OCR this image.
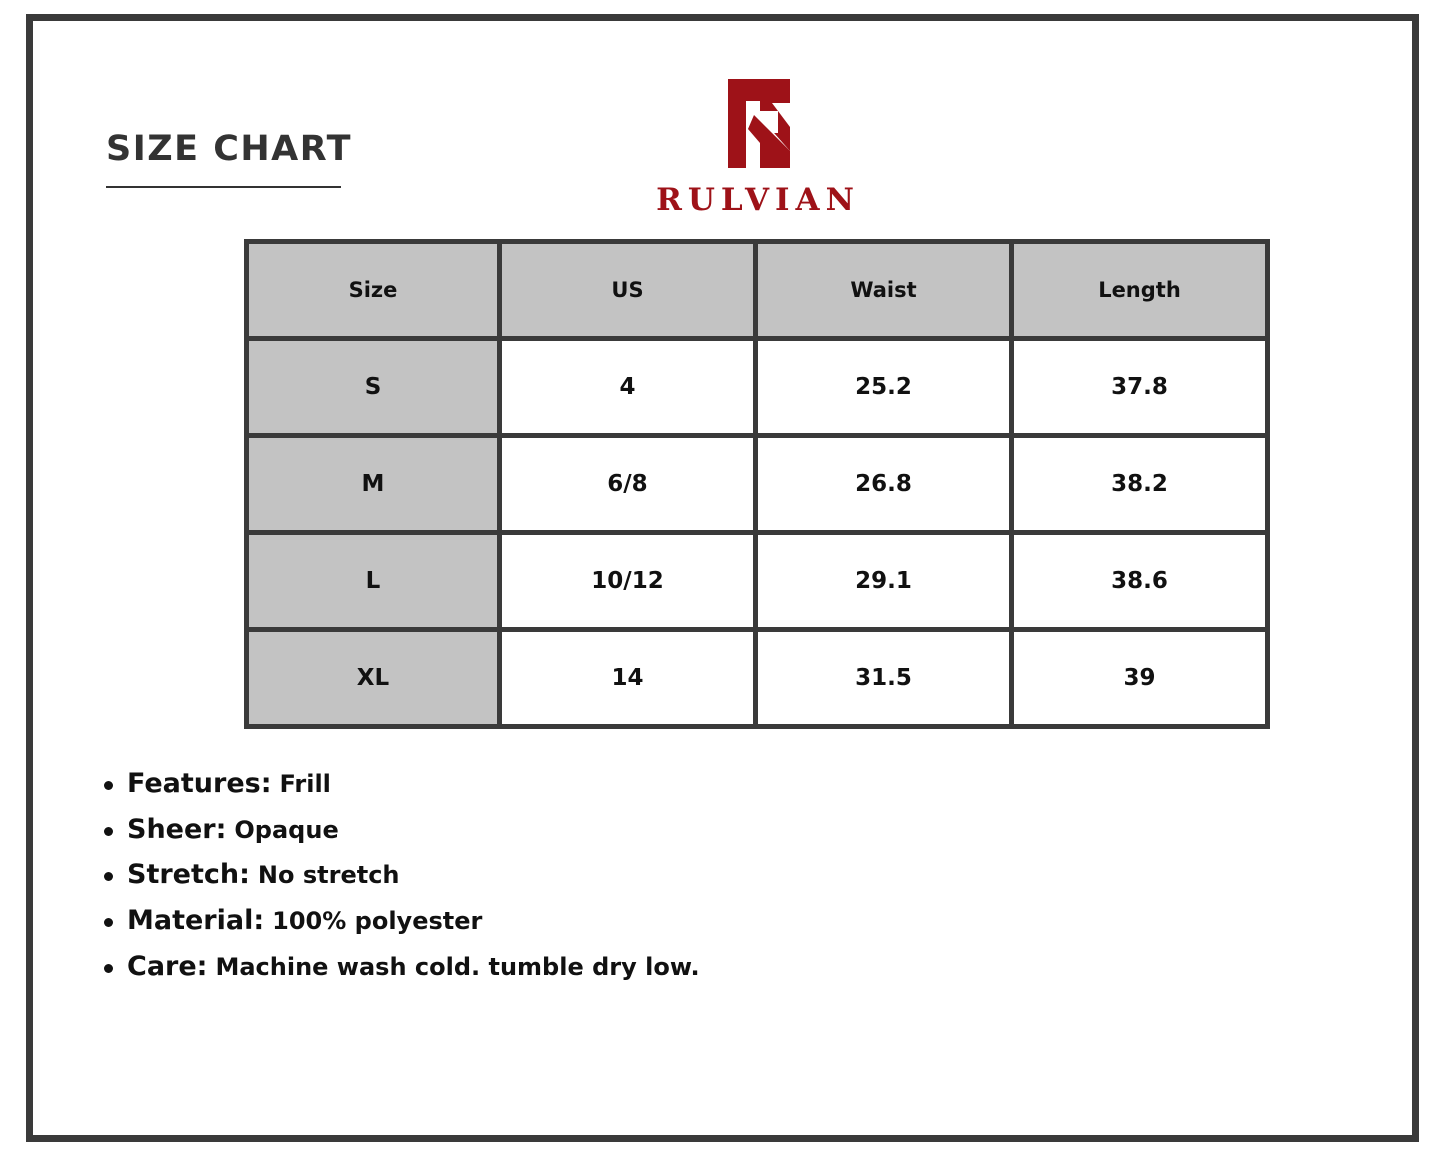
SIZE CHART
RULVIAN
Size	US	Waist	Length
S	4	25.2	37.8
M	6/8	26.8	38.2
L	10/12	29.1	38.6
XL	14	31.5	39
Features: Frill
Sheer: Opaque
Stretch: No stretch
Material: 100% polyester
Care: Machine wash cold. tumble dry low.
